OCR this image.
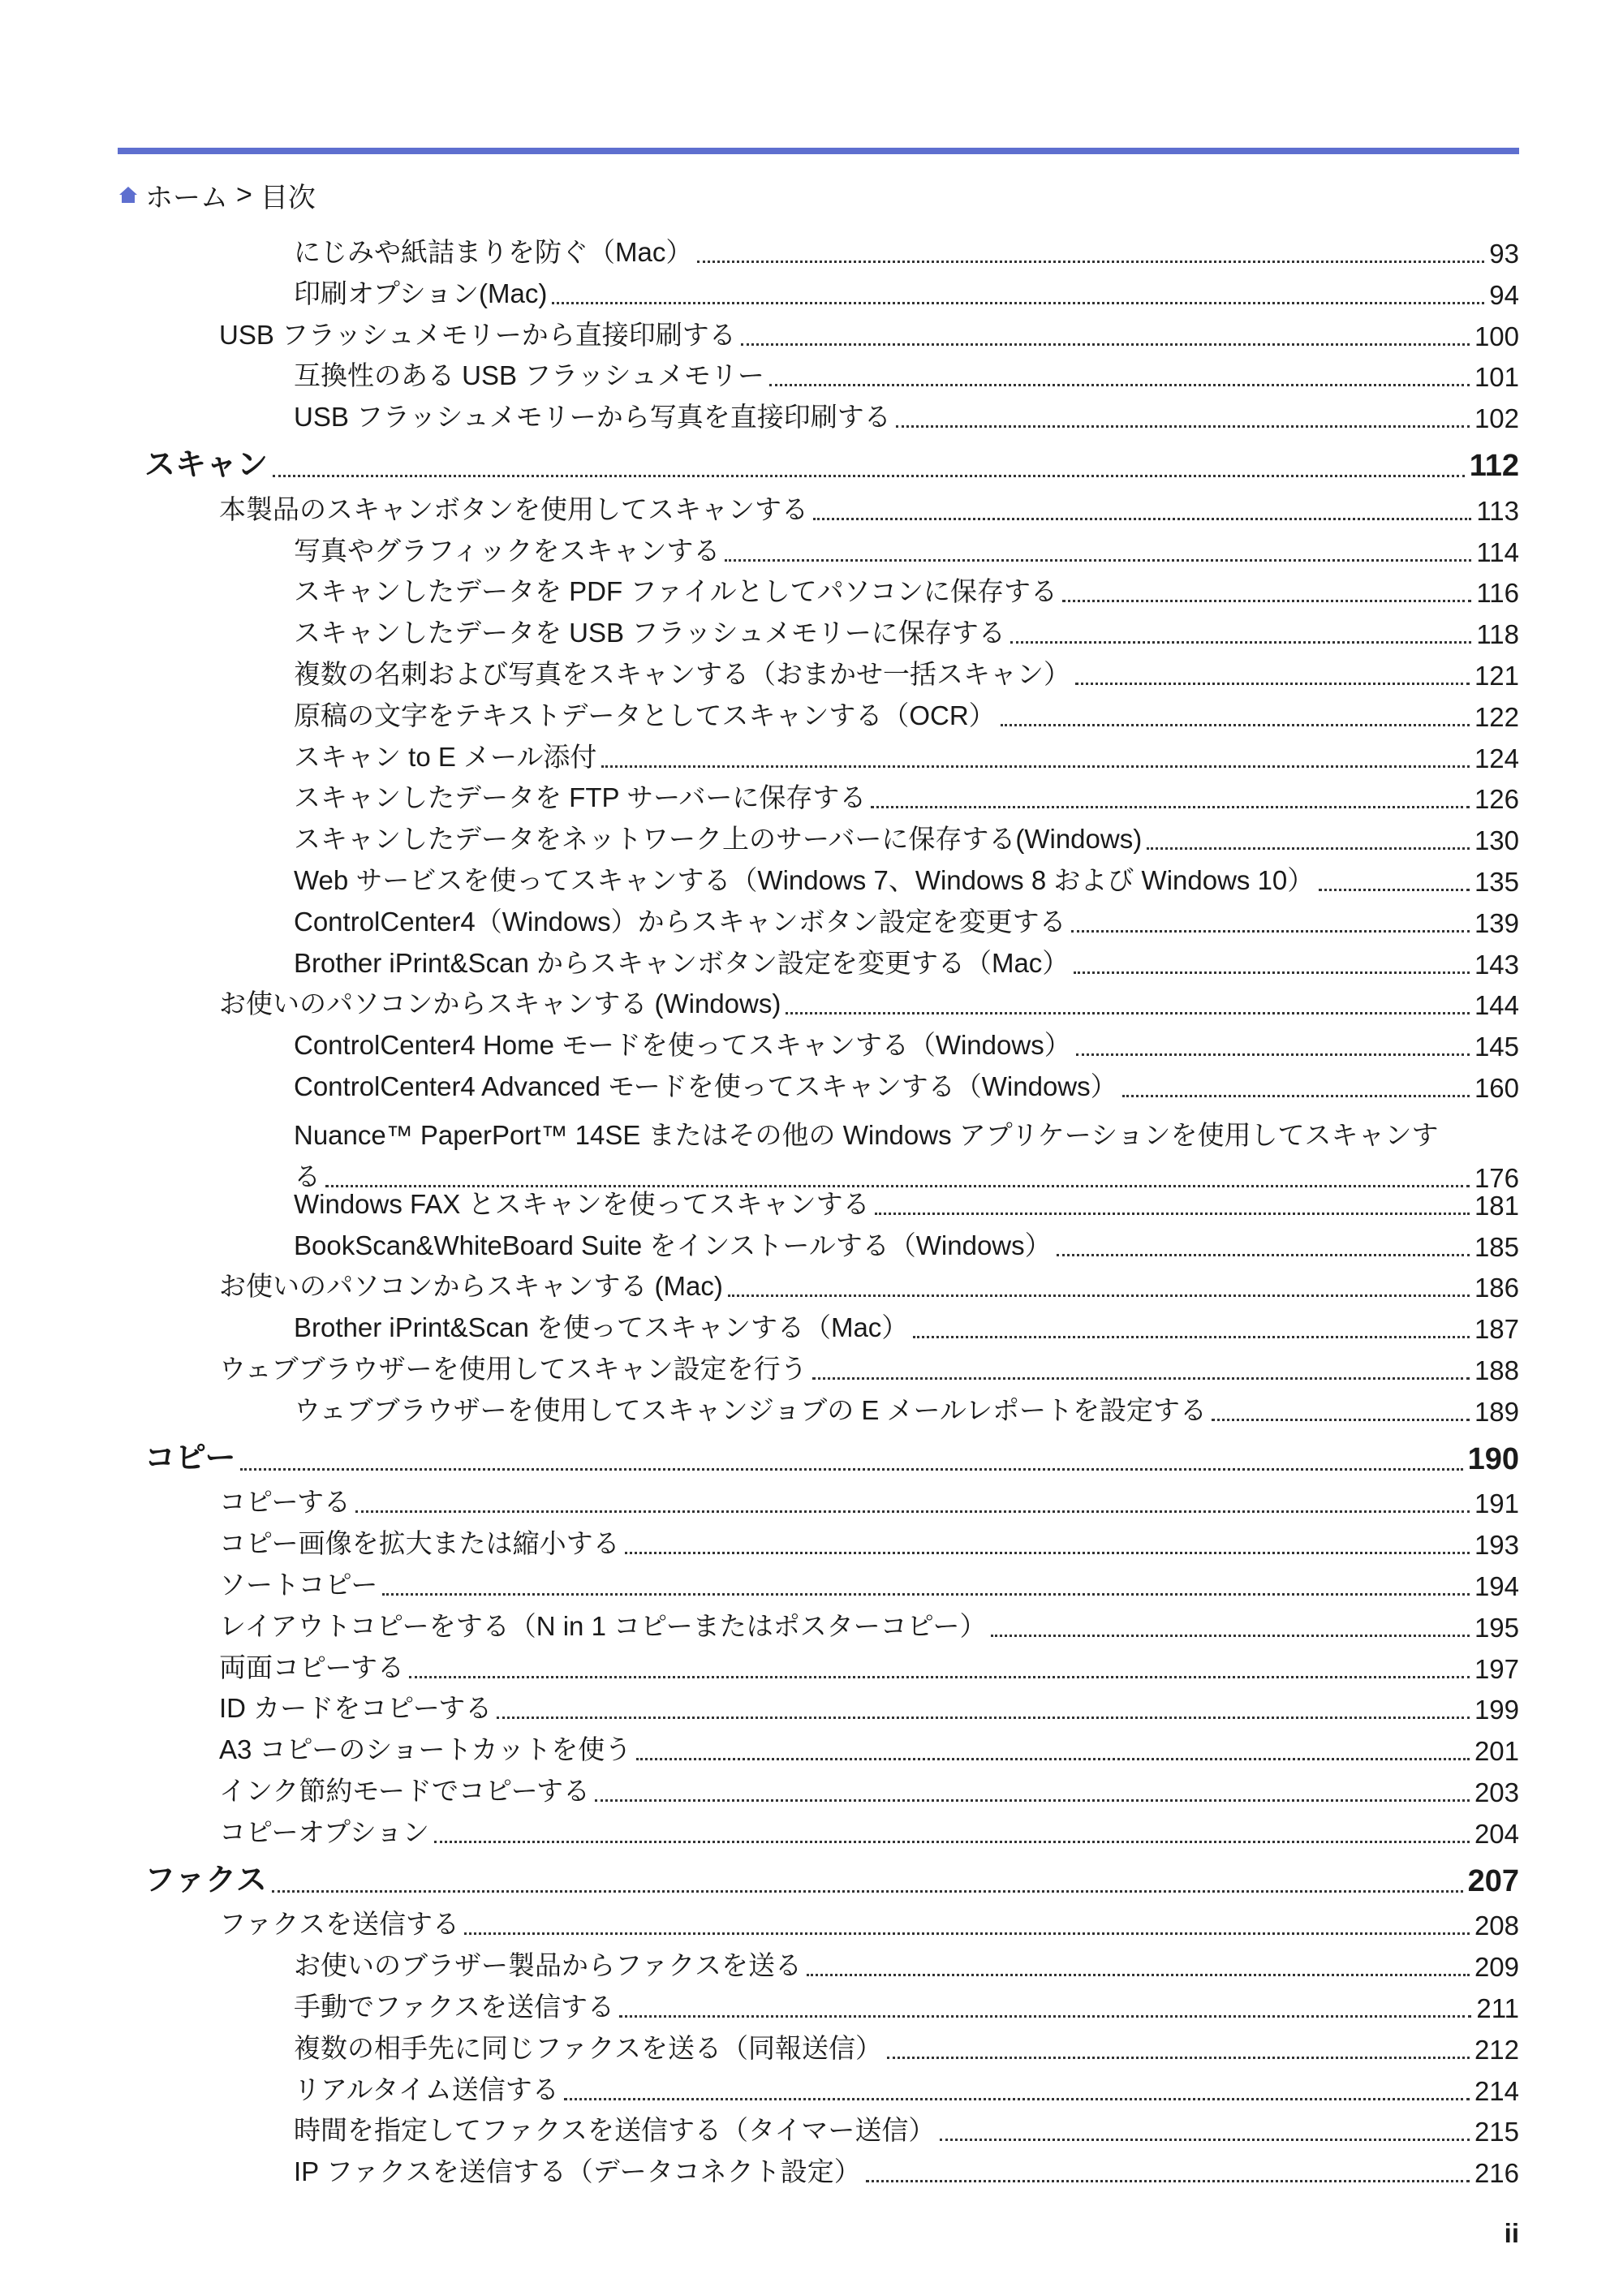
ホーム > 目次
にじみや紙詰まりを防ぐ（Mac）	93
印刷オプション(Mac)	94
USB フラッシュメモリーから直接印刷する	100
互換性のある USB フラッシュメモリー	101
USB フラッシュメモリーから写真を直接印刷する	102
スキャン	112
本製品のスキャンボタンを使用してスキャンする	113
写真やグラフィックをスキャンする	114
スキャンしたデータを PDF ファイルとしてパソコンに保存する	116
スキャンしたデータを USB フラッシュメモリーに保存する	118
複数の名刺および写真をスキャンする（おまかせ一括スキャン）	121
原稿の文字をテキストデータとしてスキャンする（OCR）	122
スキャン to E メール添付	124
スキャンしたデータを FTP サーバーに保存する	126
スキャンしたデータをネットワーク上のサーバーに保存する(Windows)	130
Web サービスを使ってスキャンする（Windows 7、Windows 8 および Windows 10）	135
ControlCenter4（Windows）からスキャンボタン設定を変更する	139
Brother iPrint&Scan からスキャンボタン設定を変更する（Mac）	143
お使いのパソコンからスキャンする (Windows)	144
ControlCenter4 Home モードを使ってスキャンする（Windows）	145
ControlCenter4 Advanced モードを使ってスキャンする（Windows）	160
Nuance™ PaperPort™ 14SE またはその他の Windows アプリケーションを使用してスキャンす
る	176
Windows FAX とスキャンを使ってスキャンする	181
BookScan&WhiteBoard Suite をインストールする（Windows）	185
お使いのパソコンからスキャンする (Mac)	186
Brother iPrint&Scan を使ってスキャンする（Mac）	187
ウェブブラウザーを使用してスキャン設定を行う	188
ウェブブラウザーを使用してスキャンジョブの E メールレポートを設定する	189
コピー	190
コピーする	191
コピー画像を拡大または縮小する	193
ソートコピー	194
レイアウトコピーをする（N in 1 コピーまたはポスターコピー）	195
両面コピーする	197
ID カードをコピーする	199
A3 コピーのショートカットを使う	201
インク節約モードでコピーする	203
コピーオプション	204
ファクス	207
ファクスを送信する	208
お使いのブラザー製品からファクスを送る	209
手動でファクスを送信する	211
複数の相手先に同じファクスを送る（同報送信）	212
リアルタイム送信する	214
時間を指定してファクスを送信する（タイマー送信）	215
IP ファクスを送信する（データコネクト設定）	216
ii
